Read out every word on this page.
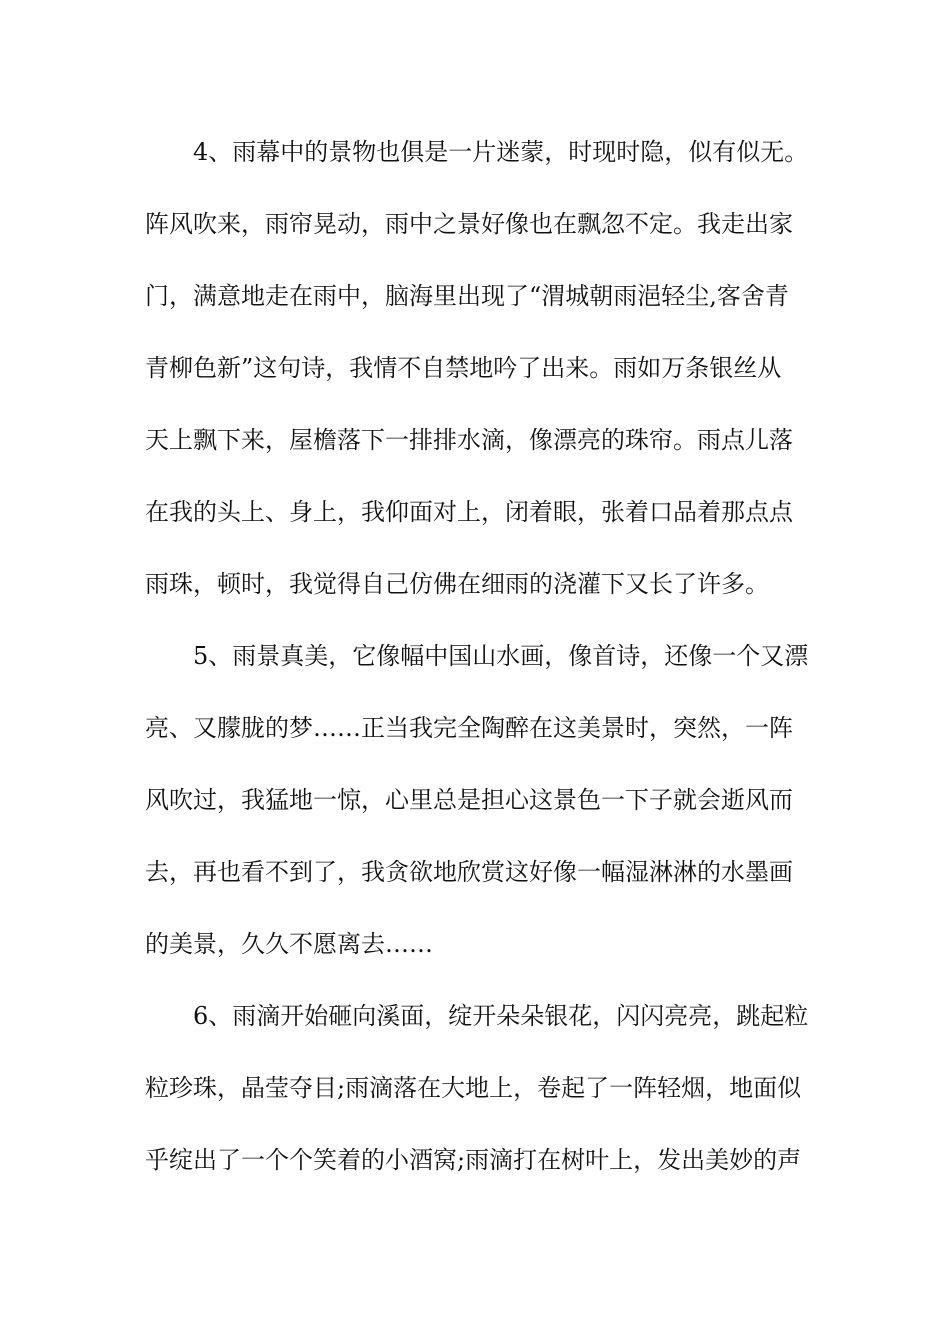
4、雨幕中的景物也俱是一片迷蒙，时现时隐，似有似无。
阵风吹来，雨帘晃动，雨中之景好像也在飘忽不定。我走出家
门，满意地走在雨中，脑海里出现了“渭城朝雨浥轻尘,客舍青
青柳色新”这句诗，我情不自禁地吟了出来。雨如万条银丝从
天上飘下来，屋檐落下一排排水滴，像漂亮的珠帘。雨点儿落
在我的头上、身上，我仰面对上，闭着眼，张着口品着那点点
雨珠，顿时，我觉得自己仿佛在细雨的浇灌下又长了许多。
5、雨景真美，它像幅中国山水画，像首诗，还像一个又漂
亮、又朦胧的梦……正当我完全陶醉在这美景时，突然，一阵
风吹过，我猛地一惊，心里总是担心这景色一下子就会逝风而
去，再也看不到了，我贪欲地欣赏这好像一幅湿淋淋的水墨画
的美景，久久不愿离去……
6、雨滴开始砸向溪面，绽开朵朵银花，闪闪亮亮，跳起粒
粒珍珠，晶莹夺目;雨滴落在大地上，卷起了一阵轻烟，地面似
乎绽出了一个个笑着的小酒窝;雨滴打在树叶上，发出美妙的声
